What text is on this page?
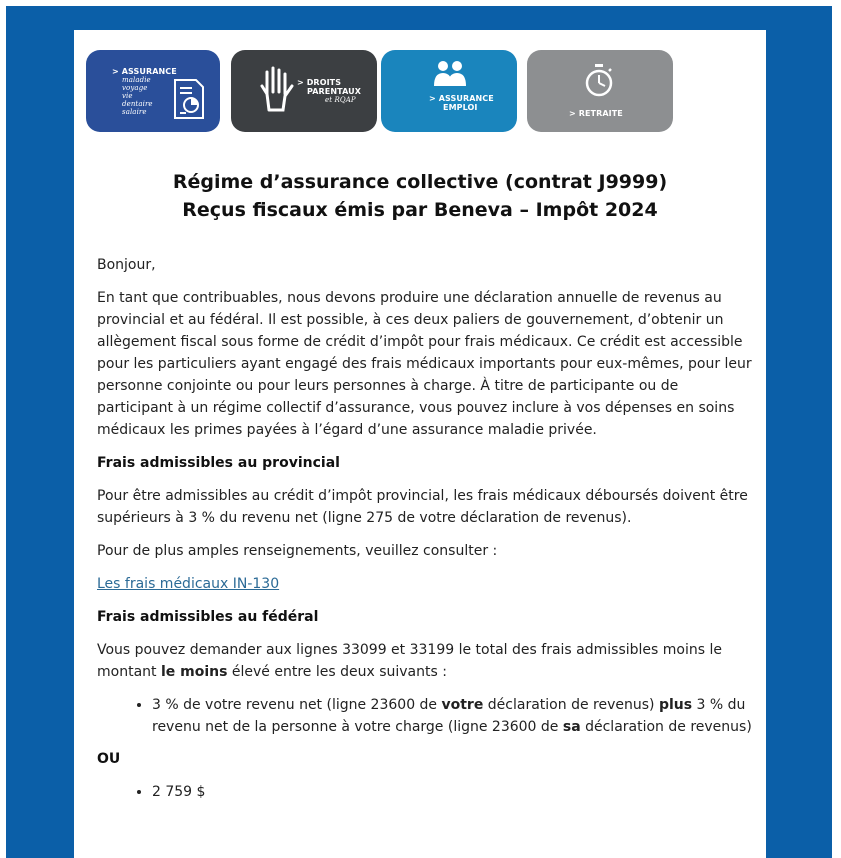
> ASSURANCE
maladie
voyage
vie
dentaire
salaire
> DROITS
PARENTAUX
et RQAP	> ASSURANCE
EMPLOI
> RETRAITE
Régime d’assurance collective (contrat J9999)
Reçus fiscaux émis par Beneva – Impôt 2024

Bonjour,

En tant que contribuables, nous devons produire une déclaration annuelle de revenus au provincial et au fédéral. Il est possible, à ces deux paliers de gouvernement, d’obtenir un allègement fiscal sous forme de crédit d’impôt pour frais médicaux. Ce crédit est accessible pour les particuliers ayant engagé des frais médicaux importants pour eux-mêmes, pour leur personne conjointe ou pour leurs personnes à charge. À titre de participante ou de participant à un régime collectif d’assurance, vous pouvez inclure à vos dépenses en soins médicaux les primes payées à l’égard d’une assurance maladie privée.

Frais admissibles au provincial

Pour être admissibles au crédit d’impôt provincial, les frais médicaux déboursés doivent être supérieurs à 3 % du revenu net (ligne 275 de votre déclaration de revenus).

Pour de plus amples renseignements, veuillez consulter :

Les frais médicaux IN-130

Frais admissibles au fédéral

Vous pouvez demander aux lignes 33099 et 33199 le total des frais admissibles moins le montant le moins élevé entre les deux suivants :

• 3 % de votre revenu net (ligne 23600 de votre déclaration de revenus) plus 3 % du revenu net de la personne à votre charge (ligne 23600 de sa déclaration de revenus)

OU

• 2 759 $
